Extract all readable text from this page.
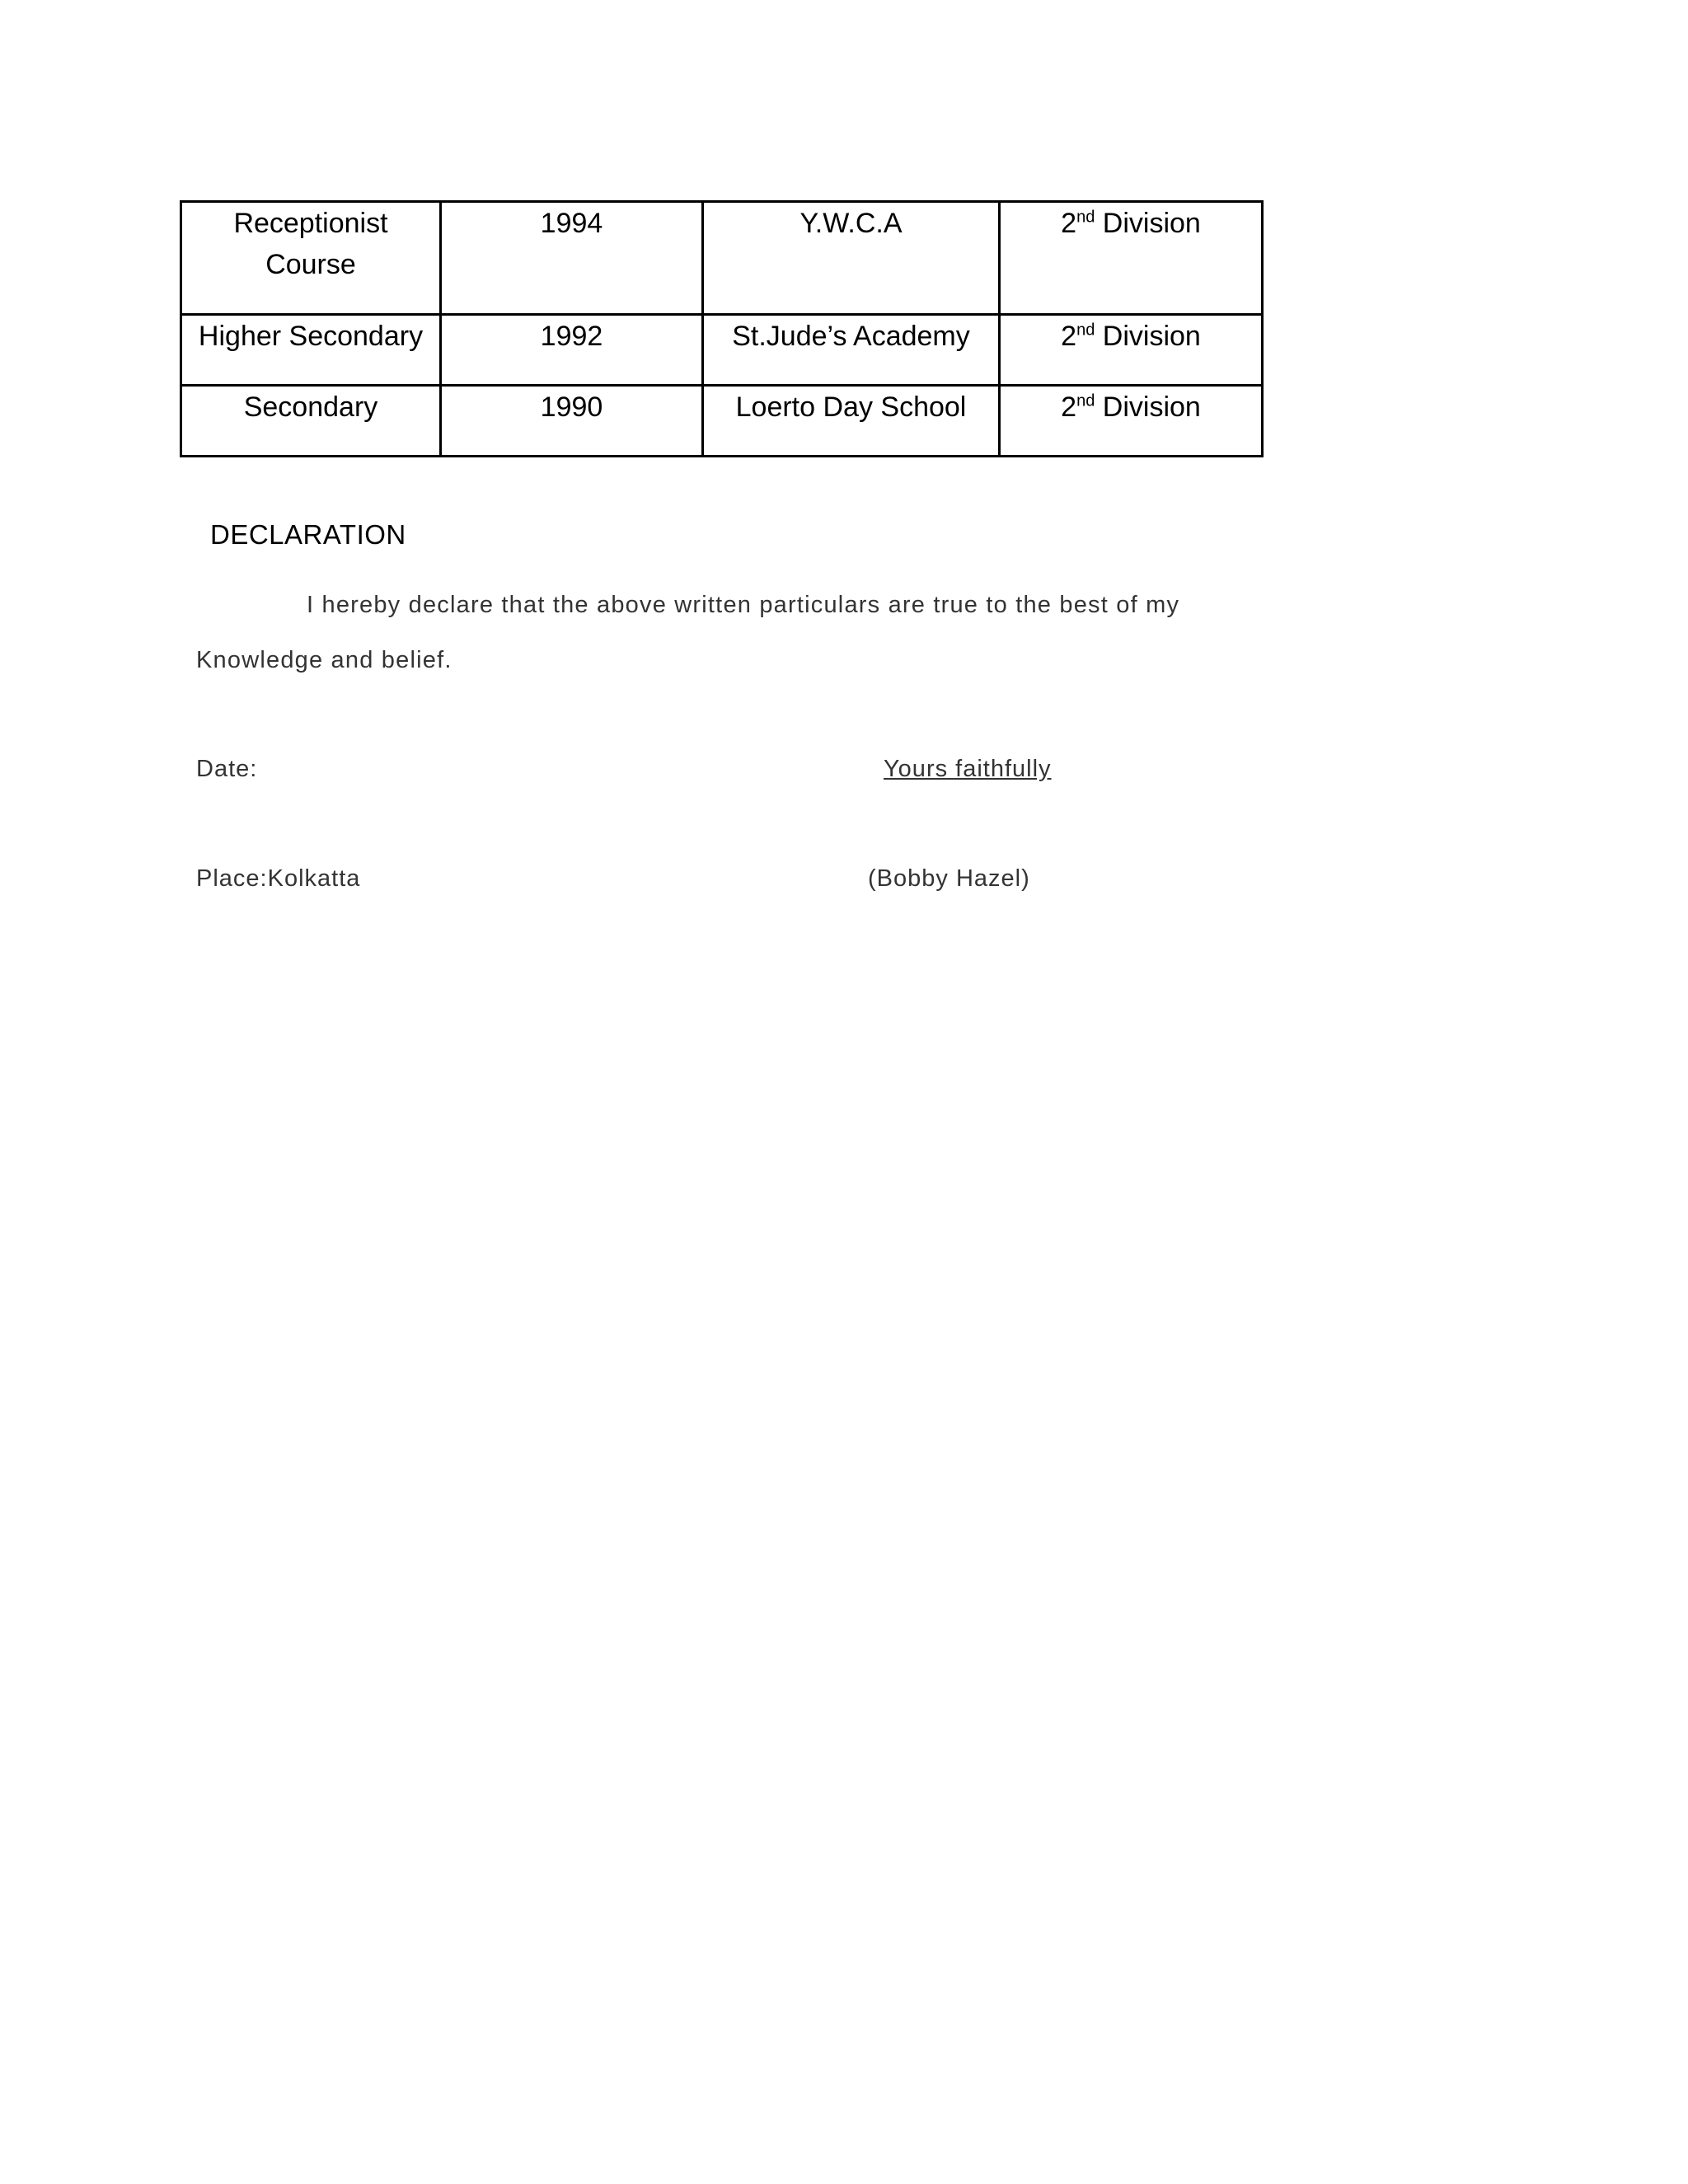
Receptionist Course	1994	Y.W.C.A	2nd Division
Higher Secondary	1992	St.Jude’s Academy	2nd Division
Secondary	1990	Loerto Day School	2nd Division
DECLARATION
I hereby declare that the above written particulars are true to the best of my
Knowledge and belief.
Date:	Yours faithfully
Place:Kolkatta	(Bobby Hazel)
